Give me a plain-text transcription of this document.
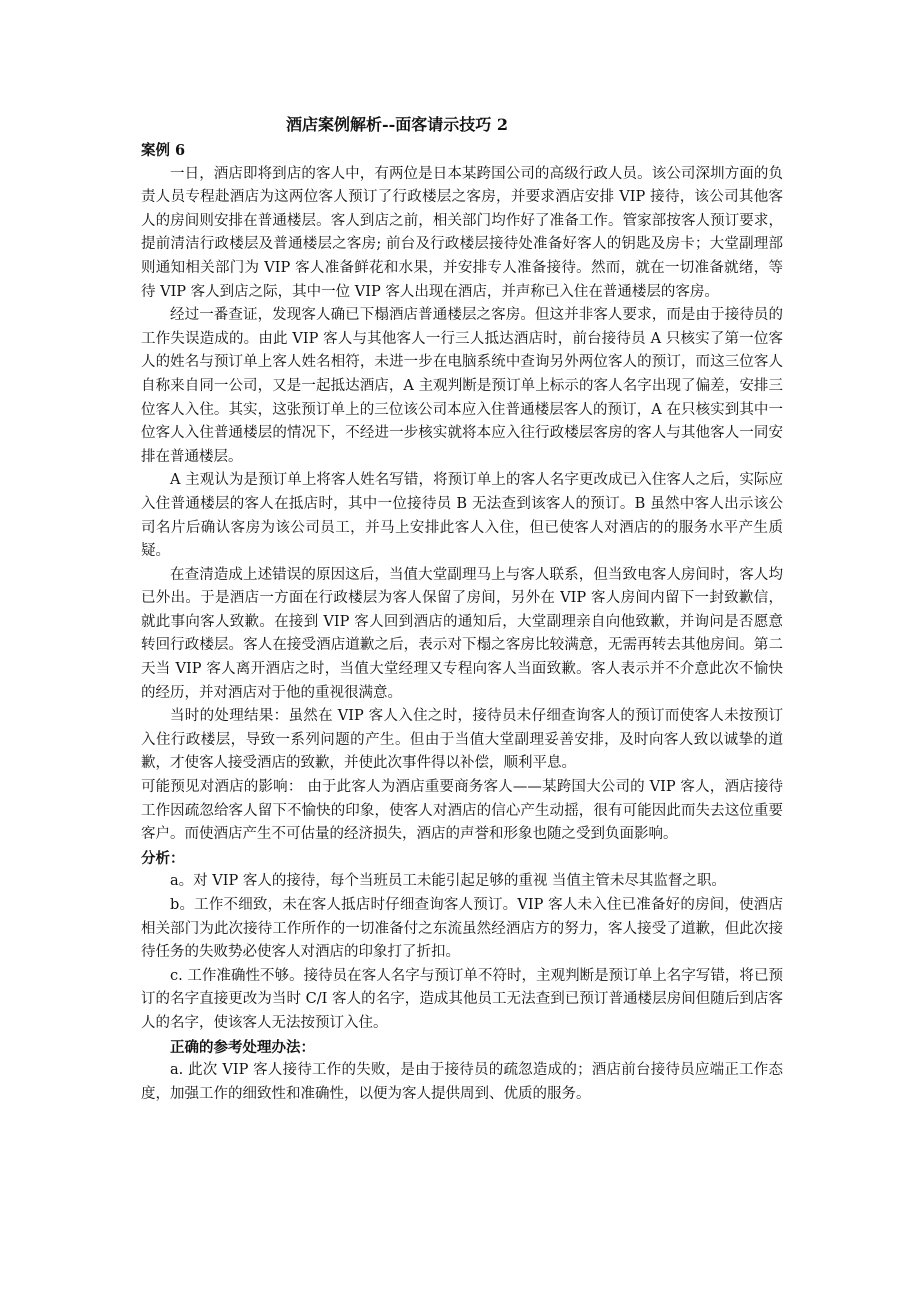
酒店案例解析--面客请示技巧 2
案例 6

一日，酒店即将到店的客人中，有两位是日本某跨国公司的高级行政人员。该公司深圳方面的负责人员专程赴酒店为这两位客人预订了行政楼层之客房，并要求酒店安排 VIP 接待，该公司其他客人的房间则安排在普通楼层。客人到店之前，相关部门均作好了准备工作。管家部按客人预订要求，提前清洁行政楼层及普通楼层之客房; 前台及行政楼层接待处准备好客人的钥匙及房卡；大堂副理部则通知相关部门为 VIP 客人准备鲜花和水果，并安排专人准备接待。然而，就在一切准备就绪，等待 VIP 客人到店之际，其中一位 VIP 客人出现在酒店，并声称已入住在普通楼层的客房。

经过一番查证，发现客人确已下榻酒店普通楼层之客房。但这并非客人要求，而是由于接待员的工作失误造成的。由此 VIP 客人与其他客人一行三人抵达酒店时，前台接待员 A 只核实了第一位客人的姓名与预订单上客人姓名相符，未进一步在电脑系统中查询另外两位客人的预订，而这三位客人自称来自同一公司，又是一起抵达酒店，A 主观判断是预订单上标示的客人名字出现了偏差，安排三位客人入住。其实，这张预订单上的三位该公司本应入住普通楼层客人的预订，A 在只核实到其中一位客人入住普通楼层的情况下，不经进一步核实就将本应入往行政楼层客房的客人与其他客人一同安排在普通楼层。

A 主观认为是预订单上将客人姓名写错，将预订单上的客人名字更改成已入住客人之后，实际应入住普通楼层的客人在抵店时，其中一位接待员 B 无法查到该客人的预订。B 虽然中客人出示该公司名片后确认客房为该公司员工，并马上安排此客人入住，但已使客人对酒店的的服务水平产生质疑。

在查清造成上述错误的原因这后，当值大堂副理马上与客人联系，但当致电客人房间时，客人均已外出。于是酒店一方面在行政楼层为客人保留了房间，另外在 VIP 客人房间内留下一封致歉信，就此事向客人致歉。在接到 VIP 客人回到酒店的通知后，大堂副理亲自向他致歉，并询问是否愿意转回行政楼层。客人在接受酒店道歉之后，表示对下榻之客房比较满意，无需再转去其他房间。第二天当 VIP 客人离开酒店之时，当值大堂经理又专程向客人当面致歉。客人表示并不介意此次不愉快的经历，并对酒店对于他的重视很满意。

当时的处理结果：虽然在 VIP 客人入住之时，接待员未仔细查询客人的预订而使客人未按预订入住行政楼层，导致一系列问题的产生。但由于当值大堂副理妥善安排，及时向客人致以诚挚的道歉，才使客人接受酒店的致歉，并使此次事件得以补偿，顺利平息。

可能预见对酒店的影响： 由于此客人为酒店重要商务客人——某跨国大公司的 VIP 客人，酒店接待工作因疏忽给客人留下不愉快的印象，使客人对酒店的信心产生动摇，很有可能因此而失去这位重要客户。而使酒店产生不可估量的经济损失，酒店的声誉和形象也随之受到负面影响。

分析：

a。对 VIP 客人的接待，每个当班员工未能引起足够的重视 当值主管未尽其监督之职。

b。工作不细致，未在客人抵店时仔细查询客人预订。VIP 客人未入住已准备好的房间，使酒店相关部门为此次接待工作所作的一切准备付之东流虽然经酒店方的努力，客人接受了道歉，但此次接待任务的失败势必使客人对酒店的印象打了折扣。

c. 工作准确性不够。接待员在客人名字与预订单不符时，主观判断是预订单上名字写错，将已预订的名字直接更改为当时 C/I 客人的名字，造成其他员工无法查到已预订普通楼层房间但随后到店客人的名字，使该客人无法按预订入住。

正确的参考处理办法：

a. 此次 VIP 客人接待工作的失败，是由于接待员的疏忽造成的；酒店前台接待员应端正工作态度，加强工作的细致性和准确性，以便为客人提供周到、优质的服务。
